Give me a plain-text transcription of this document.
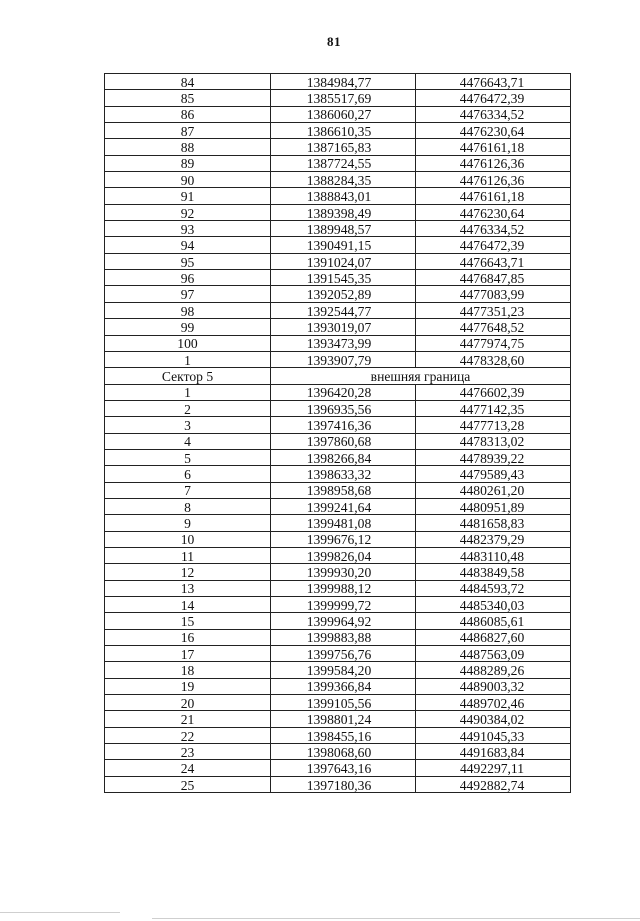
81
84	1384984,77	4476643,71
85	1385517,69	4476472,39
86	1386060,27	4476334,52
87	1386610,35	4476230,64
88	1387165,83	4476161,18
89	1387724,55	4476126,36
90	1388284,35	4476126,36
91	1388843,01	4476161,18
92	1389398,49	4476230,64
93	1389948,57	4476334,52
94	1390491,15	4476472,39
95	1391024,07	4476643,71
96	1391545,35	4476847,85
97	1392052,89	4477083,99
98	1392544,77	4477351,23
99	1393019,07	4477648,52
100	1393473,99	4477974,75
1	1393907,79	4478328,60
Сектор 5	внешняя граница	
1	1396420,28	4476602,39
2	1396935,56	4477142,35
3	1397416,36	4477713,28
4	1397860,68	4478313,02
5	1398266,84	4478939,22
6	1398633,32	4479589,43
7	1398958,68	4480261,20
8	1399241,64	4480951,89
9	1399481,08	4481658,83
10	1399676,12	4482379,29
11	1399826,04	4483110,48
12	1399930,20	4483849,58
13	1399988,12	4484593,72
14	1399999,72	4485340,03
15	1399964,92	4486085,61
16	1399883,88	4486827,60
17	1399756,76	4487563,09
18	1399584,20	4488289,26
19	1399366,84	4489003,32
20	1399105,56	4489702,46
21	1398801,24	4490384,02
22	1398455,16	4491045,33
23	1398068,60	4491683,84
24	1397643,16	4492297,11
25	1397180,36	4492882,74
